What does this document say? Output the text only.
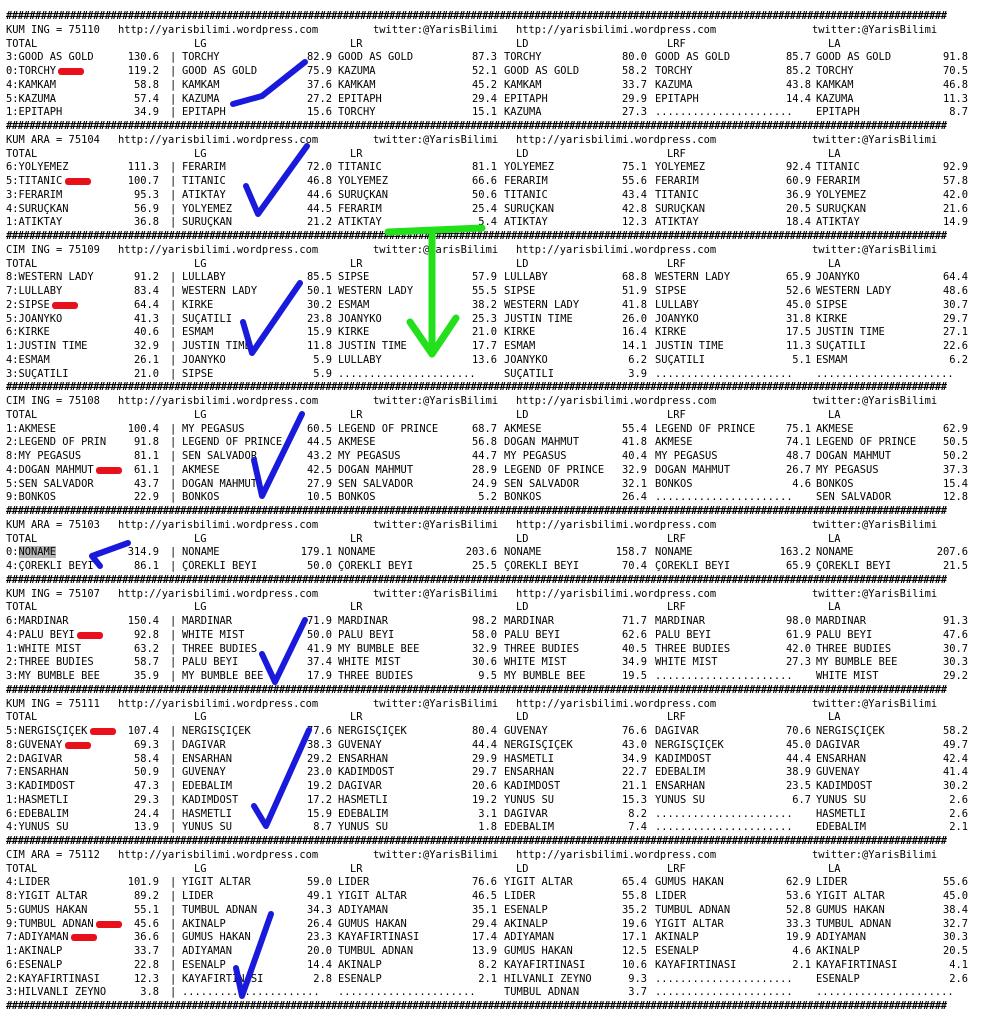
##################################################################################################################################################################
KUM ING = 75110 http://yarisbilimi.wordpress.com	twitter:@YarisBilimi http://yarisbilimi.wordpress.com	twitter:@YarisBilimi
TOTAL	LG	LR	LD	LRF	LA
3:GOOD AS GOLD	130.6 | TORCHY	82.9 GOOD AS GOLD	87.3 TORCHY	80.0 GOOD AS GOLD	85.7 GOOD AS GOLD	91.8
0:TORCHY	119.2 | GOOD AS GOLD	75.9 KAZUMA	52.1 GOOD AS GOLD	58.2 TORCHY	85.2 TORCHY	70.5
4:KAMKAM	58.8 | KAMKAM	37.6 KAMKAM	45.2 KAMKAM	33.7 KAZUMA	43.8 KAMKAM	46.8
5:KAZUMA	57.4 | KAZUMA	27.2 EPITAPH	29.4 EPITAPH	29.9 EPITAPH	14.4 KAZUMA	11.3
1:EPITAPH	34.9 | EPITAPH	15.6 TORCHY	15.1 KAZUMA	27.3 ...................... EPITAPH	8.7
##################################################################################################################################################################
KUM ARA = 75104 http://yarisbilimi.wordpress.com	twitter:@YarisBilimi http://yarisbilimi.wordpress.com	twitter:@YarisBilimi
TOTAL	LG	LR	LD	LRF	LA
6:YOLYEMEZ	111.3 | FERARIM	72.0 TITANIC	81.1 YOLYEMEZ	75.1 YOLYEMEZ	92.4 TITANIC	92.9
5:TITANIC	100.7 | TITANIC	46.8 YOLYEMEZ	66.6 FERARIM	55.6 FERARIM	60.9 FERARIM	57.8
3:FERARIM	95.3 | ATIKTAY	44.6 SURUÇKAN	50.6 TITANIC	43.4 TITANIC	36.9 YOLYEMEZ	42.0
4:SURUÇKAN	56.9 | YOLYEMEZ	44.5 FERARIM	25.4 SURUÇKAN	42.8 SURUÇKAN	20.5 SURUÇKAN	21.6
1:ATIKTAY	36.8 | SURUÇKAN	21.2 ATIKTAY	5.4 ATIKTAY	12.3 ATIKTAY	18.4 ATIKTAY	14.9
##################################################################################################################################################################
CIM ING = 75109 http://yarisbilimi.wordpress.com	twitter:@YarisBilimi http://yarisbilimi.wordpress.com	twitter:@YarisBilimi
TOTAL	LG	LR	LD	LRF	LA
8:WESTERN LADY	91.2 | LULLABY	85.5 SIPSE	57.9 LULLABY	68.8 WESTERN LADY	65.9 JOANYKO	64.4
7:LULLABY	83.4 | WESTERN LADY	50.1 WESTERN LADY	55.5 SIPSE	51.9 SIPSE	52.6 WESTERN LADY	48.6
2:SIPSE	64.4 | KIRKE	30.2 ESMAM	38.2 WESTERN LADY	41.8 LULLABY	45.0 SIPSE	30.7
5:JOANYKO	41.3 | SUÇATILI	23.8 JOANYKO	25.3 JUSTIN TIME	26.0 JOANYKO	31.8 KIRKE	29.7
6:KIRKE	40.6 | ESMAM	15.9 KIRKE	21.0 KIRKE	16.4 KIRKE	17.5 JUSTIN TIME	27.1
1:JUSTIN TIME	32.9 | JUSTIN TIME	11.8 JUSTIN TIME	17.7 ESMAM	14.1 JUSTIN TIME	11.3 SUÇATILI	22.6
4:ESMAM	26.1 | JOANYKO	5.9 LULLABY	13.6 JOANYKO	6.2 SUÇATILI	5.1 ESMAM	6.2
3:SUÇATILI	21.0 | SIPSE	5.9 ......................	SUÇATILI	3.9 ...................... ......................
##################################################################################################################################################################
CIM ING = 75108 http://yarisbilimi.wordpress.com	twitter:@YarisBilimi http://yarisbilimi.wordpress.com	twitter:@YarisBilimi
TOTAL	LG	LR	LD	LRF	LA
1:AKMESE	100.4 | MY PEGASUS	60.5 LEGEND OF PRINCE	68.7 AKMESE	55.4 LEGEND OF PRINCE	75.1 AKMESE	62.9
2:LEGEND OF PRIN	91.8 | LEGEND OF PRINCE 44.5 AKMESE	56.8 DOGAN MAHMUT	41.8 AKMESE	74.1 LEGEND OF PRINCE	50.5
8:MY PEGASUS	81.1 | SEN SALVADOR	43.2 MY PEGASUS	44.7 MY PEGASUS	40.4 MY PEGASUS	48.7 DOGAN MAHMUT	50.2
4:DOGAN MAHMUT	61.1 | AKMESE	42.5 DOGAN MAHMUT	28.9 LEGEND OF PRINCE 32.9 DOGAN MAHMUT	26.7 MY PEGASUS	37.3
5:SEN SALVADOR	43.7 | DOGAN MAHMUT	27.9 SEN SALVADOR	24.9 SEN SALVADOR	32.1 BONKOS	4.6 BONKOS	15.4
9:BONKOS	22.9 | BONKOS	10.5 BONKOS	5.2 BONKOS	26.4 ...................... SEN SALVADOR	12.8
##################################################################################################################################################################
KUM ARA = 75103 http://yarisbilimi.wordpress.com	twitter:@YarisBilimi http://yarisbilimi.wordpress.com	twitter:@YarisBilimi
TOTAL	LG	LR	LD	LRF	LA
0:NONAME	314.9 | NONAME	179.1 NONAME	203.6 NONAME	158.7 NONAME	163.2 NONAME	207.6
4:ÇÖREKLI BEYI	86.1 | ÇÖREKLI BEYI	50.0 ÇÖREKLI BEYI	25.5 ÇÖREKLI BEYI	70.4 ÇÖREKLI BEYI	65.9 ÇÖREKLI BEYI	21.5
##################################################################################################################################################################
KUM ING = 75107 http://yarisbilimi.wordpress.com	twitter:@YarisBilimi http://yarisbilimi.wordpress.com	twitter:@YarisBilimi
TOTAL	LG	LR	LD	LRF	LA
6:MARDINAR	150.4 | MARDINAR	71.9 MARDINAR	98.2 MARDINAR	71.7 MARDINAR	98.0 MARDINAR	91.3
4:PALU BEYI	92.8 | WHITE MIST	50.0 PALU BEYI	58.0 PALU BEYI	62.6 PALU BEYI	61.9 PALU BEYI	47.6
1:WHITE MIST	63.2 | THREE BUDIES	41.9 MY BUMBLE BEE	32.9 THREE BUDIES	40.5 THREE BUDIES	42.0 THREE BUDIES	30.7
2:THREE BUDIES	58.7 | PALU BEYI	37.4 WHITE MIST	30.6 WHITE MIST	34.9 WHITE MIST	27.3 MY BUMBLE BEE	30.3
3:MY BUMBLE BEE	35.9 | MY BUMBLE BEE	17.9 THREE BUDIES	9.5 MY BUMBLE BEE	19.5 ...................... WHITE MIST	29.2
##################################################################################################################################################################
KUM ING = 75111 http://yarisbilimi.wordpress.com	twitter:@YarisBilimi http://yarisbilimi.wordpress.com	twitter:@YarisBilimi
TOTAL	LG	LR	LD	LRF	LA
5:NERGISÇIÇEK	107.4 | NERGISÇIÇEK	77.6 NERGISÇIÇEK	80.4 GÜVENAY	76.6 DAGIVAR	70.6 NERGISÇIÇEK	58.2
8:GÜVENAY	69.3 | DAGIVAR	38.3 GÜVENAY	44.4 NERGISÇIÇEK	43.0 NERGISÇIÇEK	45.0 DAGIVAR	49.7
2:DAGIVAR	58.4 | ENSARHAN	29.2 ENSARHAN	29.9 HASMETLI	34.9 KADIMDOST	44.4 ENSARHAN	42.4
7:ENSARHAN	50.9 | GÜVENAY	23.0 KADIMDOST	29.7 ENSARHAN	22.7 EDEBALIM	38.9 GÜVENAY	41.4
3:KADIMDOST	47.3 | EDEBALIM	19.2 DAGIVAR	20.6 KADIMDOST	21.1 ENSARHAN	23.5 KADIMDOST	30.2
1:HASMETLI	29.3 | KADIMDOST	17.2 HASMETLI	19.2 YUNUS SU	15.3 YUNUS SU	6.7 YUNUS SU	2.6
6:EDEBALIM	24.4 | HASMETLI	15.9 EDEBALIM	3.1 DAGIVAR	8.2 ...................... HASMETLI	2.6
4:YUNUS SU	13.9 | YUNUS SU	8.7 YUNUS SU	1.8 EDEBALIM	7.4 ...................... EDEBALIM	2.1
##################################################################################################################################################################
CIM ARA = 75112 http://yarisbilimi.wordpress.com	twitter:@YarisBilimi http://yarisbilimi.wordpress.com	twitter:@YarisBilimi
TOTAL	LG	LR	LD	LRF	LA
4:LIDER	101.9 | YIGIT ALTAR	59.0 LIDER	76.6 YIGIT ALTAR	65.4 GÜMÜS HAKAN	62.9 LIDER	55.6
8:YIGIT ALTAR	89.2 | LIDER	49.1 YIGIT ALTAR	46.5 LIDER	55.8 LIDER	53.6 YIGIT ALTAR	45.0
5:GÜMÜS HAKAN	55.1 | TUMBUL ADNAN	34.3 ADIYAMAN	35.1 ESENALP	35.2 TUMBUL ADNAN	52.8 GÜMÜS HAKAN	38.4
9:TUMBUL ADNAN	45.6 | AKINALP	26.4 GÜMÜS HAKAN	29.4 AKINALP	19.6 YIGIT ALTAR	33.3 TUMBUL ADNAN	32.7
7:ADIYAMAN	36.6 | GÜMÜS HAKAN	23.3 KAYAFIRTINASI	17.4 ADIYAMAN	17.1 AKINALP	19.9 ADIYAMAN	30.3
1:AKINALP	33.7 | ADIYAMAN	20.0 TUMBUL ADNAN	13.9 GÜMÜS HAKAN	12.5 ESENALP	4.6 AKINALP	20.5
6:ESENALP	22.8 | ESENALP	14.4 AKINALP	8.2 KAYAFIRTINASI	10.6 KAYAFIRTINASI	2.1 KAYAFIRTINASI	4.1
2:KAYAFIRTINASI	12.3 | KAYAFIRTINASI	2.8 ESENALP	2.1 HILVANLI ZEYNO	9.3 ...................... ESENALP	2.6
3:HILVANLI ZEYNO	3.8 | ...................... ......................	TUMBUL ADNAN	3.7 ...................... ......................
##################################################################################################################################################################
